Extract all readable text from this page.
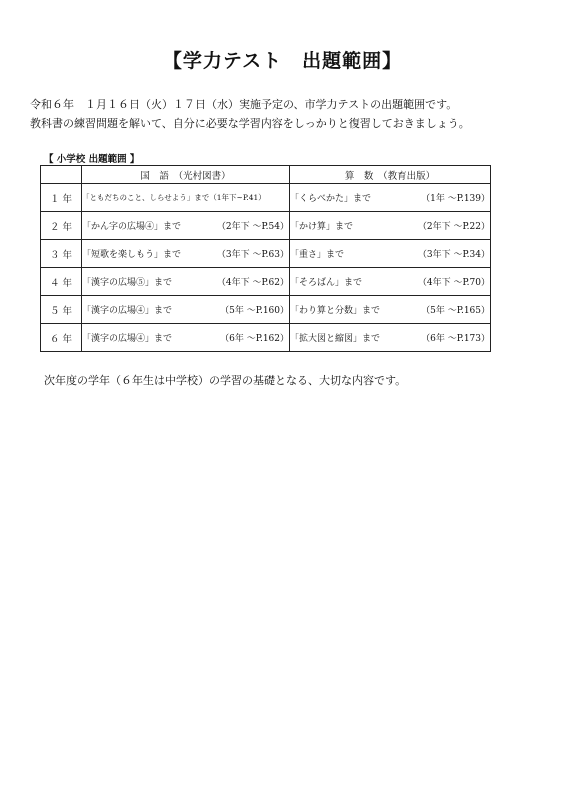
【学力テスト　出題範囲】
令和６年　１月１６日（火）１７日（水）実施予定の、市学力テストの出題範囲です。
教科書の練習問題を解いて、自分に必要な学習内容をしっかりと復習しておきましょう。
【 小学校 出題範囲 】
	国　語　（光村図書）	算　数　（教育出版）
１ 年	「ともだちのこと、しらせよう」まで（1年下~P.41）	「くらべかた」まで （1年 ～P.139）

２ 年	「かん字の広場④」まで （2年下 ～P.54）	「かけ算」まで （2年下 ～P.22）

３ 年	「短歌を楽しもう」まで （3年下 ～P.63）	「重さ」まで （3年下 ～P.34）

４ 年	「漢字の広場⑤」まで （4年下 ～P.62）	「そろばん」まで （4年下 ～P.70）

５ 年	「漢字の広場④」まで （5年 ～P.160）	「わり算と分数」まで （5年 ～P.165）

６ 年	「漢字の広場④」まで （6年 ～P.162）	「拡大図と縮図」まで （6年 ～P.173）
次年度の学年（６年生は中学校）の学習の基礎となる、大切な内容です。
